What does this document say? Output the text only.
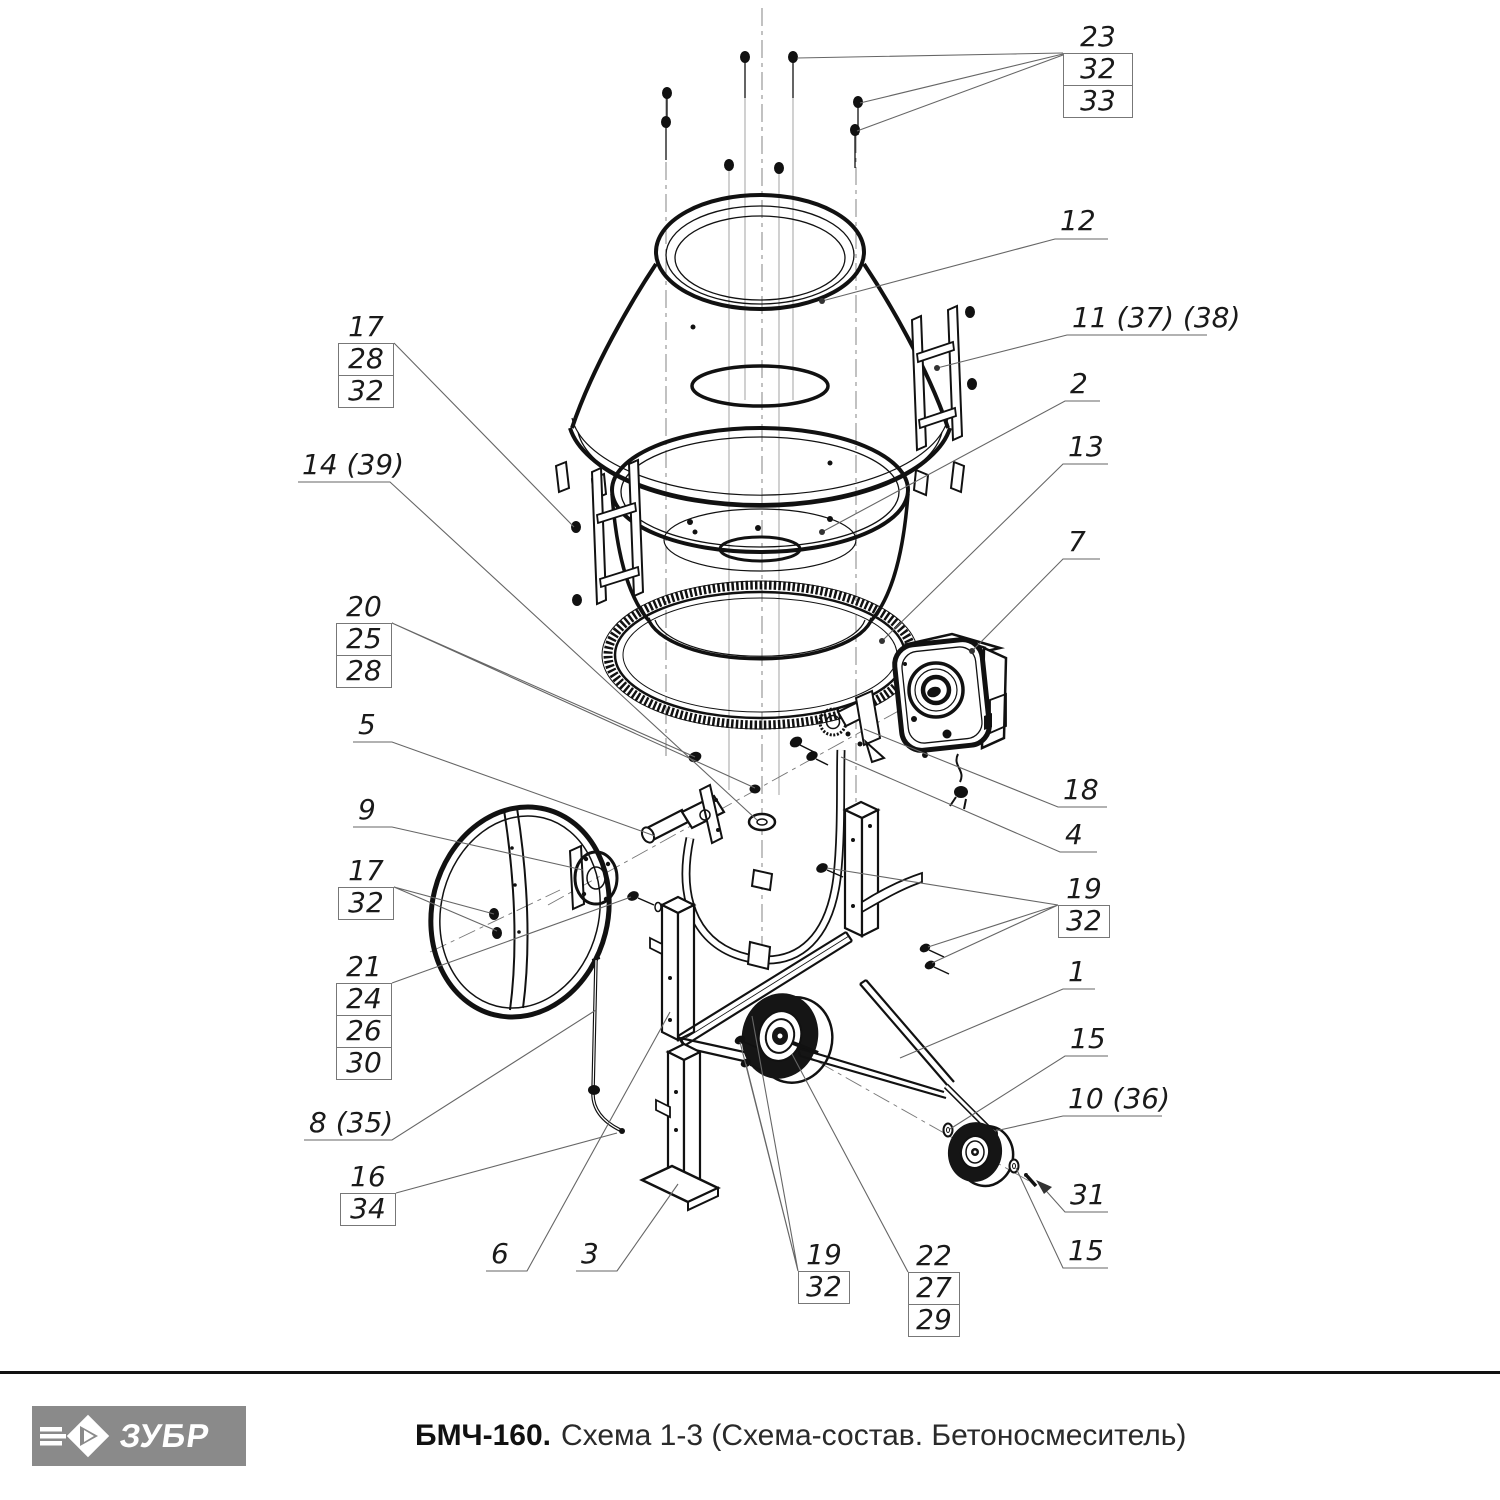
23
32
33
12
11 (37) (38)
2
13
7
17
28
32
14 (39)
20
25
28
5
9
17
32
21
24
26
30
8 (35)
16
34
6	3	19
32
22
27
29
18
4
19
32
1
15
10 (36)
31
15
ЗУБР	БМЧ-160. Схема 1-3 (Схема-состав. Бетоносмеситель)
